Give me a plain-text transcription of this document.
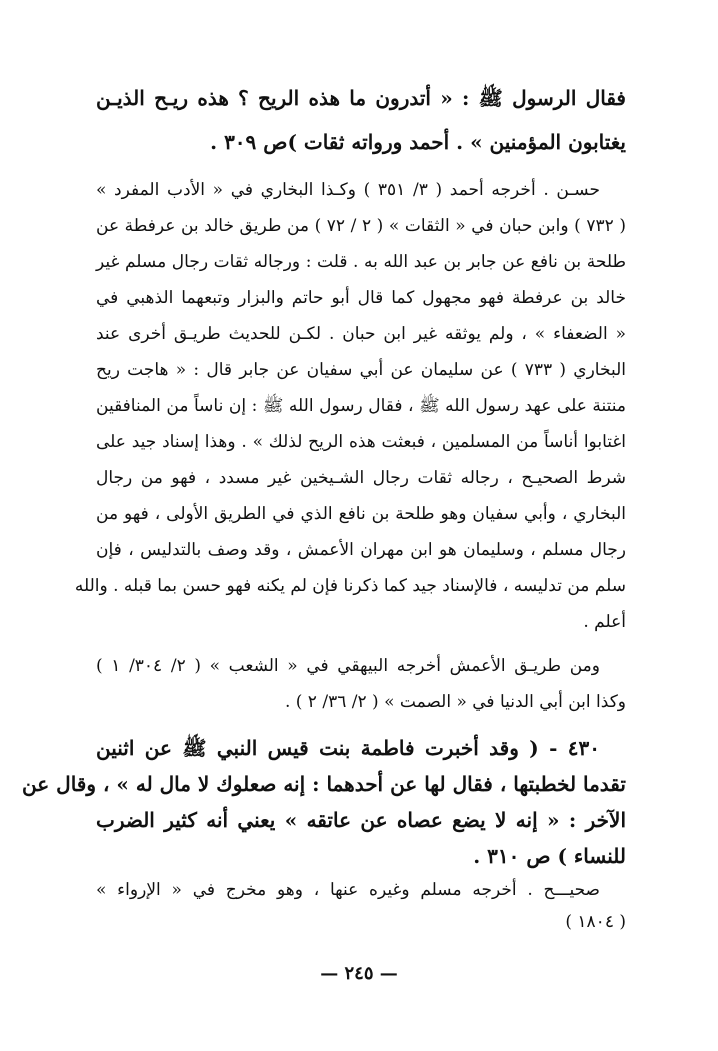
فقال الرسول ﷺ : « أتدرون ما هذه الريح ؟ هذه ريـح الذيـن
يغتابون المؤمنين » . أحمد ورواته ثقات )ص ٣٠٩ .
حسـن . أخرجه أحمد ( ٣/ ٣٥١ ) وكـذا البخاري في « الأدب المفرد »
( ٧٣٢ ) وابن حبان في « الثقات » ( ٢ / ٧٢ ) من طريق خالد بن عرفطة عن
طلحة بن نافع عن جابر بن عبد الله به . قلت : ورجاله ثقات رجال مسلم غير
خالد بن عرفطة فهو مجهول كما قال أبو حاتم والبزار وتبعهما الذهبي في
« الضعفاء » ، ولم يوثقه غير ابن حبان . لكـن للحديث طريـق أخرى عند
البخاري ( ٧٣٣ ) عن سليمان عن أبي سفيان عن جابر قال : « هاجت ريح
منتنة على عهد رسول الله ﷺ ، فقال رسول الله ﷺ : إن ناساً من المنافقين
اغتابوا أناساً من المسلمين ، فبعثت هذه الريح لذلك » . وهذا إسناد جيد على
شرط الصحيـح ، رجاله ثقات رجال الشـيخين غير مسدد ، فهو من رجال
البخاري ، وأبي سفيان وهو طلحة بن نافع الذي في الطريق الأولى ، فهو من
رجال مسلم ، وسليمان هو ابن مهران الأعمش ، وقد وصف بالتدليس ، فإن
سلم من تدليسه ، فالإسناد جيد كما ذكرنا فإن لم يكنه فهو حسن بما قبله . والله
أعلم .
ومن طريـق الأعمش أخرجه البيهقي في « الشعب » ( ٢/ ٣٠٤/ ١ )
وكذا ابن أبي الدنيا في « الصمت » ( ٢/ ٣٦/ ٢ ) .
٤٣٠ - ( وقد أخبرت فاطمة بنت قيس النبي ﷺ عن اثنين
تقدما لخطبتها ، فقال لها عن أحدهما : إنه صعلوك لا مال له » ، وقال عن
الآخر : « إنه لا يضع عصاه عن عاتقه » يعني أنه كثير الضرب
للنساء ) ص ٣١٠ .
صحيـــح . أخرجه مسلم وغيره عنها ، وهو مخرج في « الإرواء »
( ١٨٠٤ )
— ٢٤٥ —
